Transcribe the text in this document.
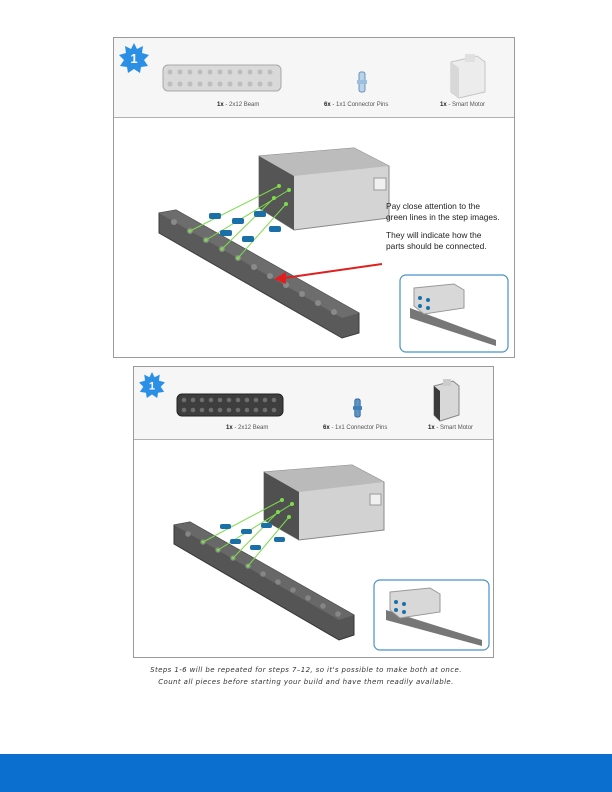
1
1x - 2x12 Beam	6x - 1x1 Connector Pins	1x - Smart Motor
Pay close attention to the
green lines in the step images.
They will indicate how the
parts should be connected.
1
1x - 2x12 Beam	6x - 1x1 Connector Pins	1x - Smart Motor
Steps 1-6 will be repeated for steps 7–12, so it's possible to make both at once.
Count all pieces before starting your build and have them readily available.
